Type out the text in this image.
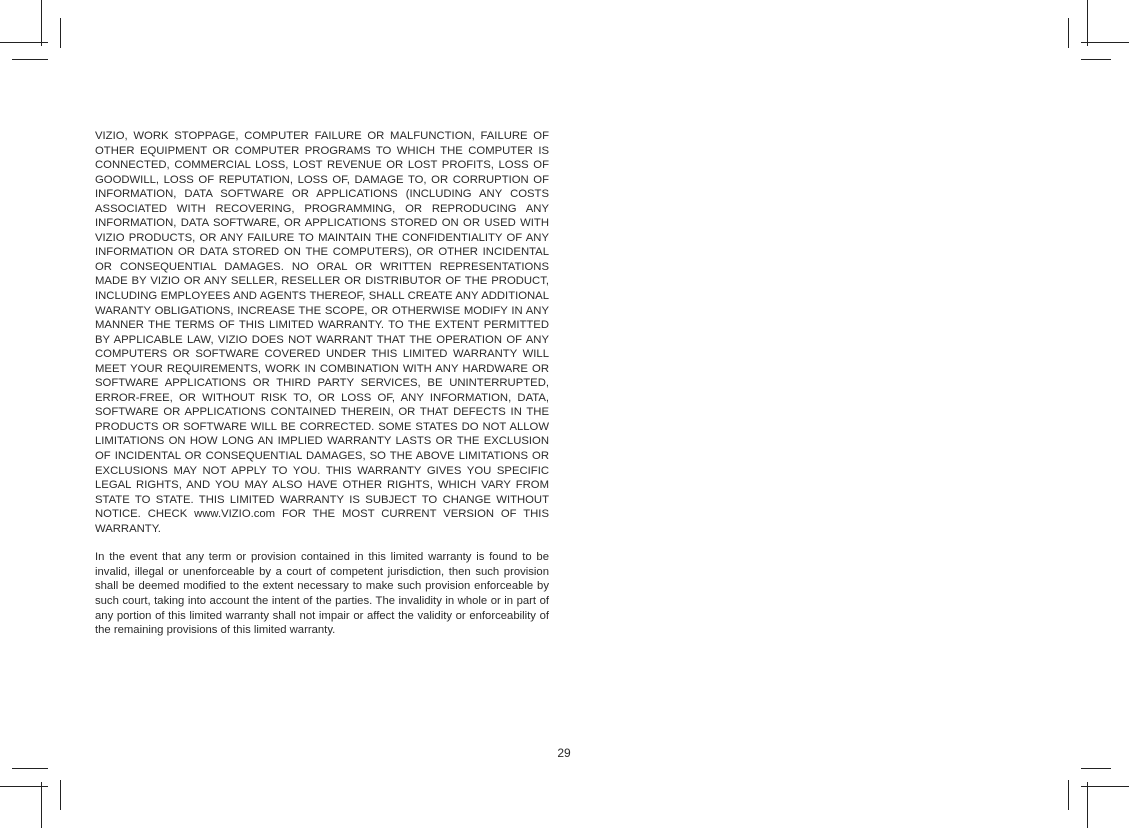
VIZIO, WORK STOPPAGE, COMPUTER FAILURE OR MALFUNCTION, FAILURE OF OTHER EQUIPMENT OR COMPUTER PROGRAMS TO WHICH THE COMPUTER IS CONNECTED, COMMERCIAL LOSS, LOST REVENUE OR LOST PROFITS, LOSS OF GOODWILL, LOSS OF REPUTATION, LOSS OF, DAMAGE TO, OR CORRUPTION OF INFORMATION, DATA SOFTWARE OR APPLICATIONS (INCLUDING ANY COSTS ASSOCIATED WITH RECOVERING, PROGRAMMING, OR REPRODUCING ANY INFORMATION, DATA SOFTWARE, OR APPLICATIONS STORED ON OR USED WITH VIZIO PRODUCTS, OR ANY FAILURE TO MAINTAIN THE CONFIDENTIALITY OF ANY INFORMATION OR DATA STORED ON THE COMPUTERS), OR OTHER INCIDENTAL OR CONSEQUENTIAL DAMAGES. NO ORAL OR WRITTEN REPRESENTATIONS MADE BY VIZIO OR ANY SELLER, RESELLER OR DISTRIBUTOR OF THE PRODUCT, INCLUDING EMPLOYEES AND AGENTS THEREOF, SHALL CREATE ANY ADDITIONAL WARANTY OBLIGATIONS, INCREASE THE SCOPE, OR OTHERWISE MODIFY IN ANY MANNER THE TERMS OF THIS LIMITED WARRANTY. TO THE EXTENT PERMITTED BY APPLICABLE LAW, VIZIO DOES NOT WARRANT THAT THE OPERATION OF ANY COMPUTERS OR SOFTWARE COVERED UNDER THIS LIMITED WARRANTY WILL MEET YOUR REQUIREMENTS, WORK IN COMBINATION WITH ANY HARDWARE OR SOFTWARE APPLICATIONS OR THIRD PARTY SERVICES, BE UNINTERRUPTED, ERROR-FREE, OR WITHOUT RISK TO, OR LOSS OF, ANY INFORMATION, DATA, SOFTWARE OR APPLICATIONS CONTAINED THEREIN, OR THAT DEFECTS IN THE PRODUCTS OR SOFTWARE WILL BE CORRECTED. SOME STATES DO NOT ALLOW LIMITATIONS ON HOW LONG AN IMPLIED WARRANTY LASTS OR THE EXCLUSION OF INCIDENTAL OR CONSEQUENTIAL DAMAGES, SO THE ABOVE LIMITATIONS OR EXCLUSIONS MAY NOT APPLY TO YOU. THIS WARRANTY GIVES YOU SPECIFIC LEGAL RIGHTS, AND YOU MAY ALSO HAVE OTHER RIGHTS, WHICH VARY FROM STATE TO STATE. THIS LIMITED WARRANTY IS SUBJECT TO CHANGE WITHOUT NOTICE. CHECK www.VIZIO.com FOR THE MOST CURRENT VERSION OF THIS WARRANTY.

In the event that any term or provision contained in this limited warranty is found to be invalid, illegal or unenforceable by a court of competent jurisdiction, then such provision shall be deemed modified to the extent necessary to make such provision enforceable by such court, taking into account the intent of the parties. The invalidity in whole or in part of any portion of this limited warranty shall not impair or affect the validity or enforceability of the remaining provisions of this limited warranty.

29
